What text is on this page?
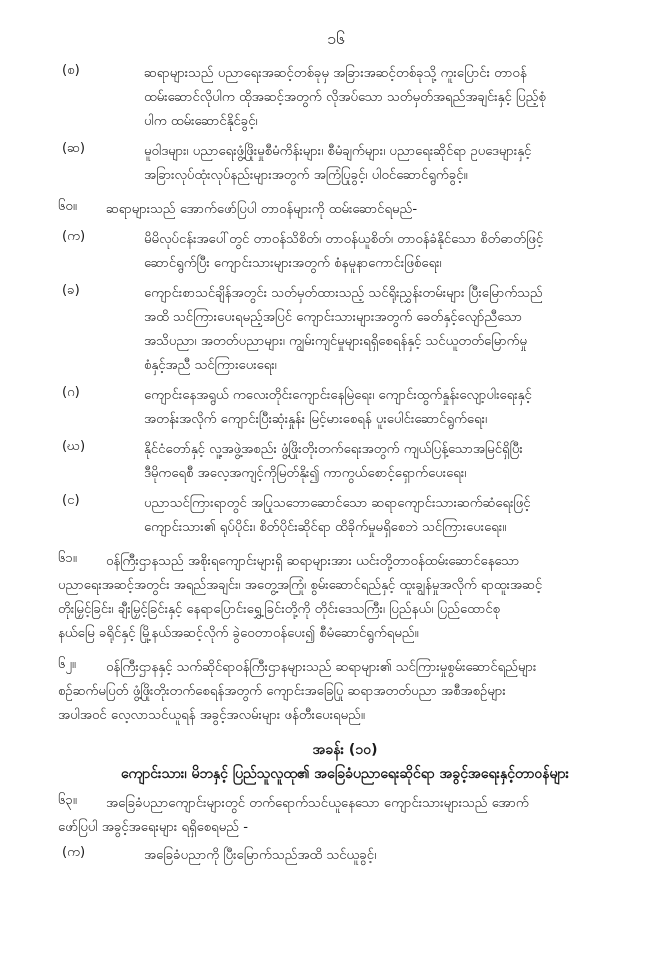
၁၆
(စ)	ဆရာများသည် ပညာရေးအဆင့်တစ်ခုမှ အခြားအဆင့်တစ်ခုသို့ ကူးပြောင်း တာဝန်
ထမ်းဆောင်လိုပါက ထိုအဆင့်အတွက် လိုအပ်သော သတ်မှတ်အရည်အချင်းနှင့် ပြည့်စုံ
ပါက ထမ်းဆောင်နိုင်ခွင့်၊
(ဆ)	မူဝါဒများ၊ ပညာရေးဖွံ့ဖြိုးမှုစီမံကိန်းများ၊ စီမံချက်များ၊ ပညာရေးဆိုင်ရာ ဥပဒေများနှင့်
အခြားလုပ်ထုံးလုပ်နည်းများအတွက် အကြံပြုခွင့်၊ ပါဝင်ဆောင်ရွက်ခွင့်။
၆၀။	ဆရာများသည် အောက်ဖော်ပြပါ တာဝန်များကို ထမ်းဆောင်ရမည်-
(က)	မိမိလုပ်ငန်းအပေါ်တွင် တာဝန်သိစိတ်၊ တာဝန်ယူစိတ်၊ တာဝန်ခံနိုင်သော စိတ်ဓာတ်ဖြင့်
ဆောင်ရွက်ပြီး ကျောင်းသားများအတွက် စံနမူနာကောင်းဖြစ်ရေး၊
(ခ)	ကျောင်းစာသင်ချိန်အတွင်း သတ်မှတ်ထားသည့် သင်ရိုးညွှန်းတမ်းများ ပြီးမြောက်သည်
အထိ သင်ကြားပေးရမည့်အပြင် ကျောင်းသားများအတွက် ခေတ်နှင့်လျော်ညီသော
အသိပညာ၊ အတတ်ပညာများ၊ ကျွမ်းကျင်မှုများရရှိစေရန်နှင့် သင်ယူတတ်မြောက်မှု
စံနှင့်အညီ သင်ကြားပေးရေး၊
(ဂ)	ကျောင်းနေအရွယ် ကလေးတိုင်းကျောင်းနေမြဲရေး၊ ကျောင်းထွက်နှုန်းလျော့ပါးရေးနှင့်
အတန်းအလိုက် ကျောင်းပြီးဆုံးနှုန်း မြင့်မားစေရန် ပူးပေါင်းဆောင်ရွက်ရေး၊
(ဃ)	နိုင်ငံတော်နှင့် လူ့အဖွဲ့အစည်း ဖွံ့ဖြိုးတိုးတက်ရေးအတွက် ကျယ်ပြန့်သောအမြင်ရှိပြီး
ဒီမိုကရေစီ အလေ့အကျင့်ကိုမြတ်နိုး၍ ကာကွယ်စောင့်ရှောက်ပေးရေး၊
(င)	ပညာသင်ကြားရာတွင် အပြုသဘောဆောင်သော ဆရာကျောင်းသားဆက်ဆံရေးဖြင့်
ကျောင်းသား၏ ရုပ်ပိုင်း၊ စိတ်ပိုင်းဆိုင်ရာ ထိခိုက်မှုမရှိစေဘဲ သင်ကြားပေးရေး။
၆၁။	ဝန်ကြီးဌာနသည် အစိုးရကျောင်းများရှိ ဆရာများအား ယင်းတို့တာဝန်ထမ်းဆောင်နေသော
ပညာရေးအဆင့်အတွင်း အရည်အချင်း၊ အတွေ့အကြုံ၊ စွမ်းဆောင်ရည်နှင့် ထူးချွန်မှုအလိုက် ရာထူးအဆင့်
တိုးမြှင့်ခြင်း၊ ချီးမြှင့်ခြင်းနှင့် နေရာပြောင်းရွှေ့ခြင်းတို့ကို တိုင်းဒေသကြီး၊ ပြည်နယ်၊ ပြည်ထောင်စု
နယ်မြေ ခရိုင်နှင့် မြို့နယ်အဆင့်လိုက် ခွဲဝေတာဝန်ပေး၍ စီမံဆောင်ရွက်ရမည်။
၆၂။	ဝန်ကြီးဌာနနှင့် သက်ဆိုင်ရာဝန်ကြီးဌာနများသည် ဆရာများ၏ သင်ကြားမှုစွမ်းဆောင်ရည်များ
စဉ်ဆက်မပြတ် ဖွံ့ဖြိုးတိုးတက်စေရန်အတွက် ကျောင်းအခြေပြု ဆရာအတတ်ပညာ အစီအစဉ်များ
အပါအဝင် လေ့လာသင်ယူရန် အခွင့်အလမ်းများ ဖန်တီးပေးရမည်။
အခန်း (၁၀)
ကျောင်းသား၊ မိဘနှင့် ပြည်သူလူထု၏ အခြေခံပညာရေးဆိုင်ရာ အခွင့်အရေးနှင့်တာဝန်များ
၆၃။	အခြေခံပညာကျောင်းများတွင် တက်ရောက်သင်ယူနေသော ကျောင်းသားများသည် အောက်
ဖော်ပြပါ အခွင့်အရေးများ ရရှိစေရမည် -
(က)	အခြေခံပညာကို ပြီးမြောက်သည်အထိ သင်ယူခွင့်၊
